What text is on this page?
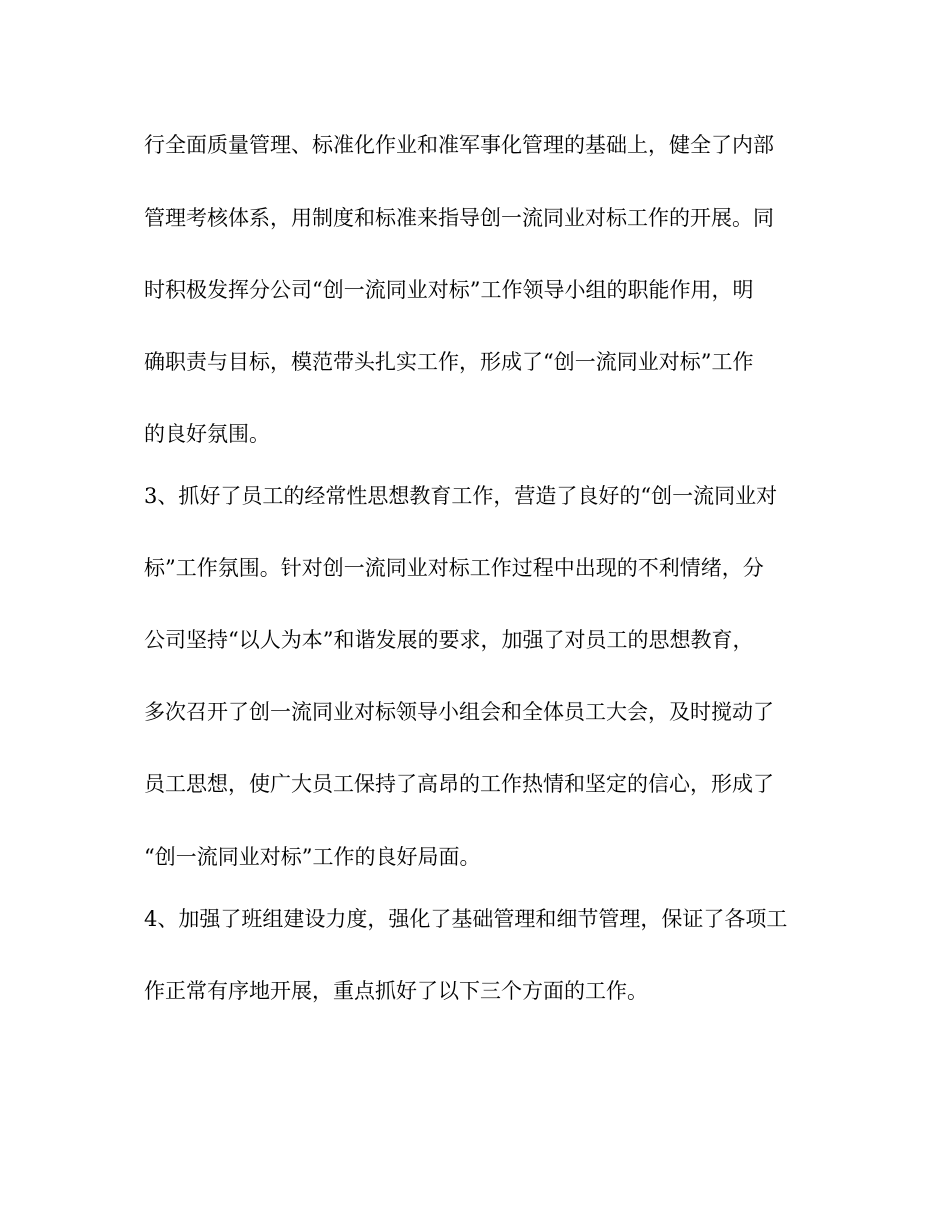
行全面质量管理、标准化作业和准军事化管理的基础上，健全了内部
管理考核体系，用制度和标准来指导创一流同业对标工作的开展。同
时积极发挥分公司“创一流同业对标”工作领导小组的职能作用，明
确职责与目标，模范带头扎实工作，形成了“创一流同业对标”工作
的良好氛围。
3、抓好了员工的经常性思想教育工作，营造了良好的“创一流同业对
标”工作氛围。针对创一流同业对标工作过程中出现的不利情绪，分
公司坚持“以人为本”和谐发展的要求，加强了对员工的思想教育，
多次召开了创一流同业对标领导小组会和全体员工大会，及时搅动了
员工思想，使广大员工保持了高昂的工作热情和坚定的信心，形成了
“创一流同业对标”工作的良好局面。
4、加强了班组建设力度，强化了基础管理和细节管理，保证了各项工
作正常有序地开展，重点抓好了以下三个方面的工作。
